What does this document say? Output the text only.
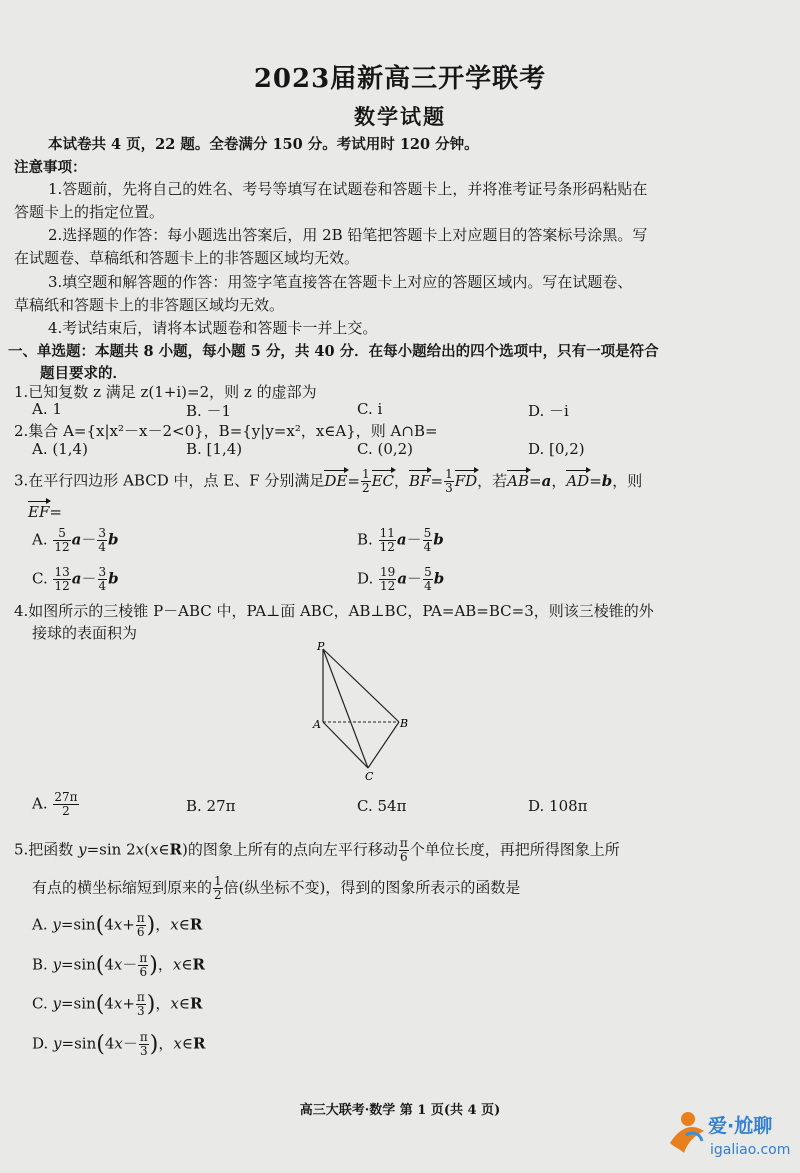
2023届新高三开学联考
数学试题
本试卷共 4 页，22 题。全卷满分 150 分。考试用时 120 分钟。
注意事项：
1.答题前，先将自己的姓名、考号等填写在试题卷和答题卡上，并将准考证号条形码粘贴在
答题卡上的指定位置。
2.选择题的作答：每小题选出答案后，用 2B 铅笔把答题卡上对应题目的答案标号涂黑。写
在试题卷、草稿纸和答题卡上的非答题区域均无效。
3.填空题和解答题的作答：用签字笔直接答在答题卡上对应的答题区域内。写在试题卷、
草稿纸和答题卡上的非答题区域均无效。
4.考试结束后，请将本试题卷和答题卡一并上交。
一、单选题：本题共 8 小题，每小题 5 分，共 40 分．在每小题给出的四个选项中，只有一项是符合
题目要求的．
1.已知复数 z 满足 z(1+i)=2，则 z 的虚部为
A. 1	B. －1	C. i	D. －i
2.集合 A={x|x²－x－2<0}，B={y|y=x²，x∈A}，则 A∩B=
A. (1,4)	B. [1,4)	C. (0,2)	D. [0,2)
3.在平行四边形 ABCD 中，点 E、F 分别满足$DE= \frac{1}{2}$ EC，$BF= \frac{1}{3}$ FD，若AB=a，AD=b，则
EF=
A. $\frac{5}{12} a- \frac{3}{4}$ b	B. $\frac{11}{12} a- \frac{5}{4}$ b
C. $\frac{13}{12} a- \frac{3}{4}$ b	D. $\frac{19}{12} a- \frac{5}{4}$ b
4.如图所示的三棱锥 P－ABC 中，PA⊥面 ABC，AB⊥BC，PA=AB=BC=3，则该三棱锥的外
接球的表面积为
P
A	B
C
A. $\frac{27\pi}{2}$	B. 27π	C. 54π	D. 108π
5.把函数 y=sin 2x(x∈R)的图象上所有的点向左平行移动 $\frac{\pi}{6}$ 个单位长度，再把所得图象上所
有点的横坐标缩短到原来的 $\frac{1}{2}$ 倍(纵坐标不变)，得到的图象所表示的函数是
A. $y=\sin(4x+ \frac{\pi}{6}$ )，x∈R
B. $y=\sin(4x- \frac{\pi}{6}$ )，x∈R
C. $y=\sin(4x+ \frac{\pi}{3}$ )，x∈R
D. $y=\sin(4x- \frac{\pi}{3}$ )，x∈R
高三大联考·数学 第 1 页(共 4 页)
爱·尬聊
igaliao.com
